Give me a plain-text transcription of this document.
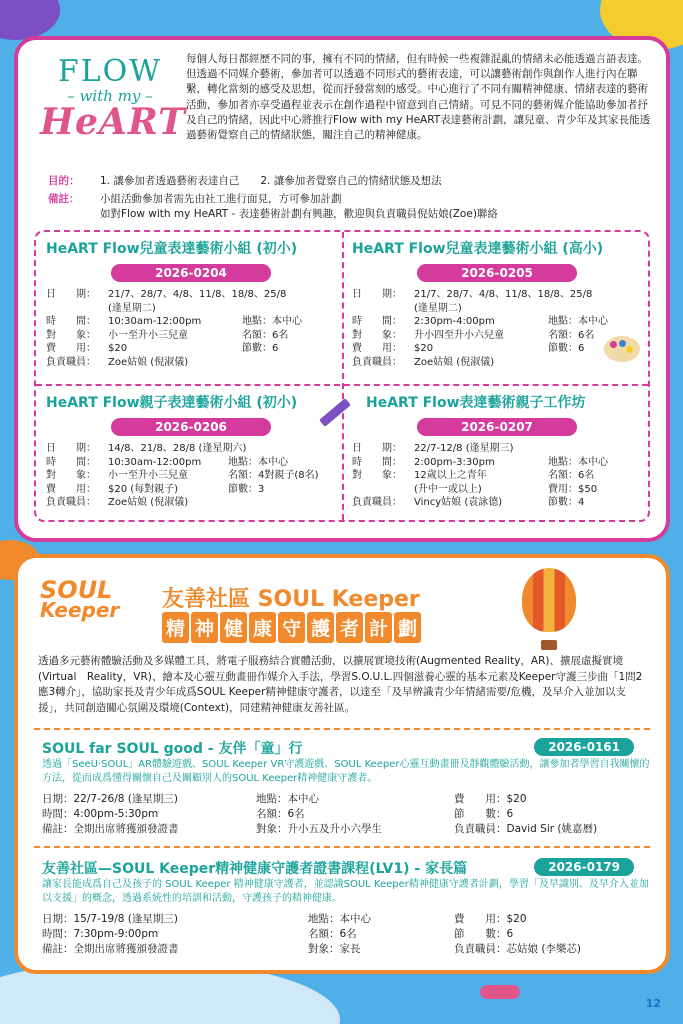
FLOW
– with my –
HeART
每個人每日都經歷不同的事，擁有不同的情緒，但有時候一些複雜混亂的情緒未必能透過言語表達。但透過不同媒介藝術，參加者可以透過不同形式的藝術表達，可以讓藝術創作與創作人進行內在聯繫，轉化當刻的感受及思想，從而抒發當刻的感受。中心進行了不同有關精神健康、情緒表達的藝術活動，參加者亦享受過程並表示在創作過程中留意到自己情緒。可見不同的藝術媒介能協助參加者抒及自己的情緒，因此中心將推行Flow with my HeART表達藝術計劃，讓兒童、青少年及其家長能透過藝術覺察自己的情緒狀態，關注自己的精神健康。
目的： 1. 讓參加者透過藝術表達自己　　2. 讓參加者覺察自己的情緒狀態及想法
備註： 小組活動參加者需先由社工進行面見，方可參加計劃
如對Flow with my HeART - 表達藝術計劃有興趣，歡迎與負責職員倪姑娘(Zoe)聯絡
HeART Flow兒童表達藝術小組 (初小)
2026-0204
日　　期： 21/7、28/7、4/8、11/8、18/8、25/8
(逢星期二)
時　　間： 10:30am-12:00pm	地點：本中心
對　　象： 小一至升小三兒童	名額：6名
費　　用： $20	節數：6
負責職員： Zoe姑娘 (倪淑儀)
HeART Flow兒童表達藝術小組 (高小)
2026-0205
日　　期： 21/7、28/7、4/8、11/8、18/8、25/8
(逢星期二)
時　　間： 2:30pm-4:00pm	地點：本中心
對　　象： 升小四至升小六兒童	名額：6名
費　　用： $20	節數：6
負責職員： Zoe姑娘 (倪淑儀)
HeART Flow親子表達藝術小組 (初小)
2026-0206
日　　期： 14/8、21/8、28/8 (逢星期六)
時　　間： 10:30am-12:00pm	地點：本中心
對　　象： 小一至升小三兒童	名額：4對親子(8名)
費　　用： $20 (每對親子)	節數：3
負責職員： Zoe姑娘 (倪淑儀)
HeART Flow表達藝術親子工作坊
2026-0207
日　　期： 22/7-12/8 (逢星期三)
時　　間： 2:00pm-3:30pm	地點：本中心
對　　象： 12歲以上之青年	名額：6名
(升中一或以上)	費用：$50
負責職員： Vincy姑娘 (袁詠德)	節數：4
SOUL
Keeper	友善社區 SOUL Keeper
精 神 健 康 守 護 者 計 劃
透過多元藝術體驗活動及多媒體工具，將電子服務結合實體活動，以擴展實境技術(Augmented Reality，AR)、擴展虛擬實境(Virtual　Reality，VR)、繪本及心靈互動畫冊作媒介入手法，學習S.O.U.L.四個滋養心靈的基本元素及Keeper守護三步曲「1問2應3轉介」，協助家長及青少年成爲SOUL Keeper精神健康守護者，以達至「及早辨識青少年情緒需要/危機，及早介入並加以支援」，共同創造關心氛圍及環境(Context)，同建精神健康友善社區。
SOUL far SOUL good - 友伴「童」行	2026-0161
透過「SeeU‧SOUL」AR體驗遊戲、SOUL Keeper VR守護遊戲、SOUL Keeper心靈互動畫冊及靜觀體驗活動，讓參加者學習自我關懷的方法，從而成爲懂得關懷自己及關顧別人的SOUL Keeper精神健康守護者。
日期：22/7-26/8 (逢星期三)
時間：4:00pm-5:30pm
備註：全期出席將獲頒發證書
地點：本中心
名額：6名
對象：升小五及升小六學生
費　　用：$20
節　　數：6
負責職員：David Sir (姚嘉曆)
友善社區—SOUL Keeper精神健康守護者證書課程(LV1) - 家長篇	2026-0179
讓家長能成爲自己及孩子的 SOUL Keeper 精神健康守護者，並認識SOUL Keeper精神健康守護者計劃，學習「及早識別、及早介入並加以支援」的概念，透過系統性的培訓和活動，守護孩子的精神健康。
日期：15/7-19/8 (逢星期三)
時間：7:30pm-9:00pm
備註：全期出席將獲頒發證書
地點：本中心
名額：6名
對象：家長
費　　用：$20
節　　數：6
負責職員：芯姑娘 (李樂芯)
12
